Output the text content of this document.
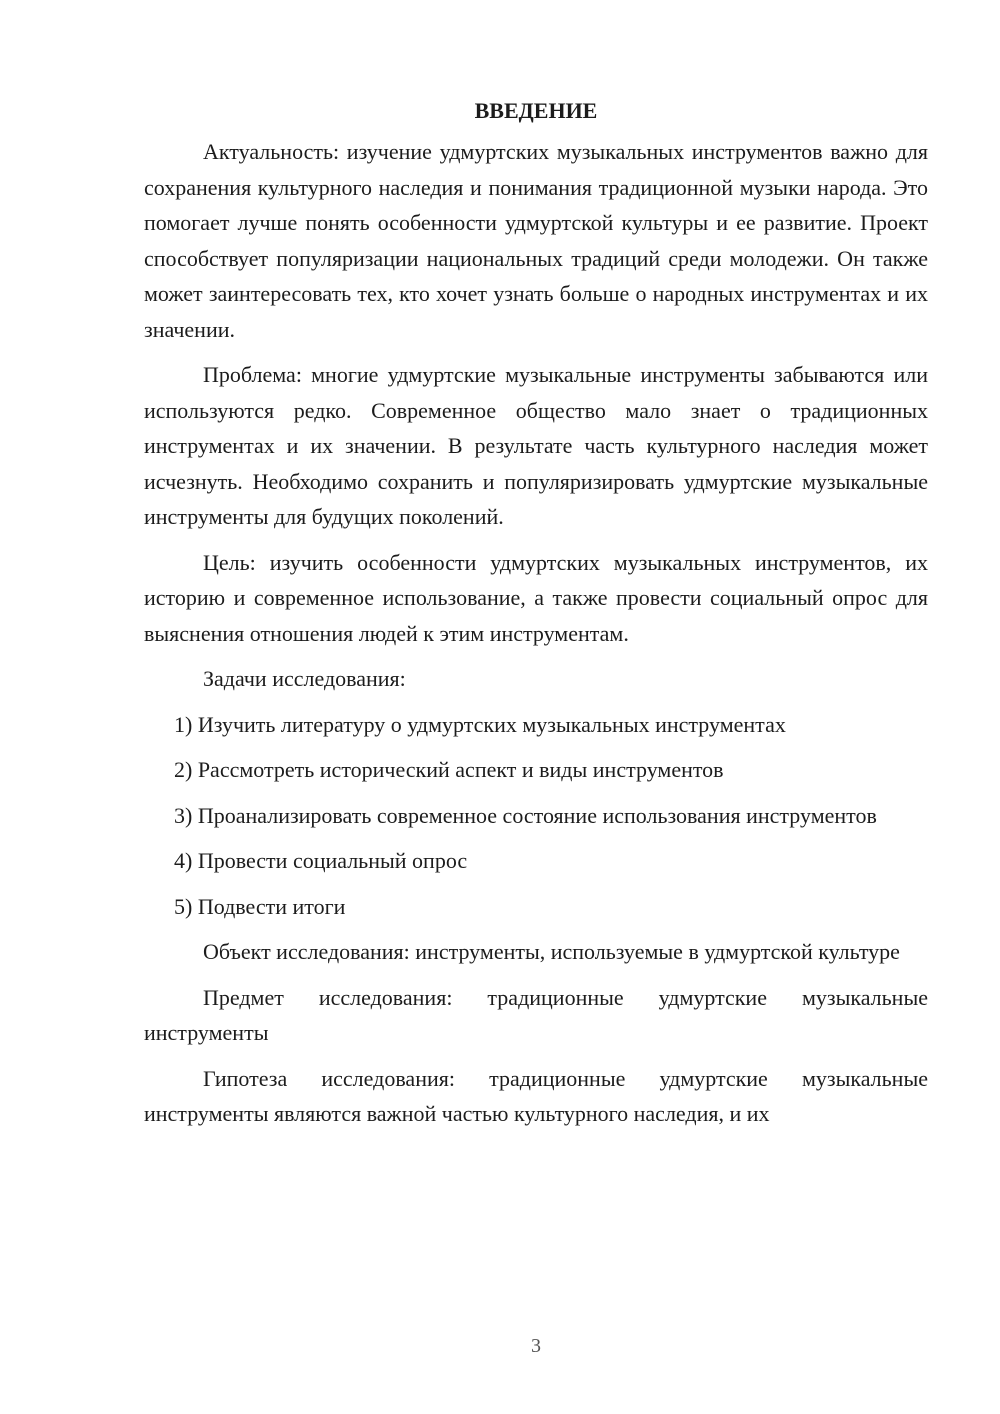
ВВЕДЕНИЕ

Актуальность: изучение удмуртских музыкальных инструментов важно для сохранения культурного наследия и понимания традиционной музыки народа. Это помогает лучше понять особенности удмуртской культуры и ее развитие. Проект способствует популяризации национальных традиций среди молодежи. Он также может заинтересовать тех, кто хочет узнать больше о народных инструментах и их значении.

Проблема: многие удмуртские музыкальные инструменты забываются или используются редко. Современное общество мало знает о традиционных инструментах и их значении. В результате часть культурного наследия может исчезнуть. Необходимо сохранить и популяризировать удмуртские музыкальные инструменты для будущих поколений.

Цель: изучить особенности удмуртских музыкальных инструментов, их историю и современное использование, а также провести социальный опрос для выяснения отношения людей к этим инструментам.

Задачи исследования:

1) Изучить литературу о удмуртских музыкальных инструментах

2) Рассмотреть исторический аспект и виды инструментов

3) Проанализировать современное состояние использования инструментов

4) Провести социальный опрос

5) Подвести итоги

Объект исследования: инструменты, используемые в удмуртской культуре

Предмет исследования: традиционные удмуртские музыкальные инструменты

Гипотеза исследования: традиционные удмуртские музыкальные инструменты являются важной частью культурного наследия, и их

3
